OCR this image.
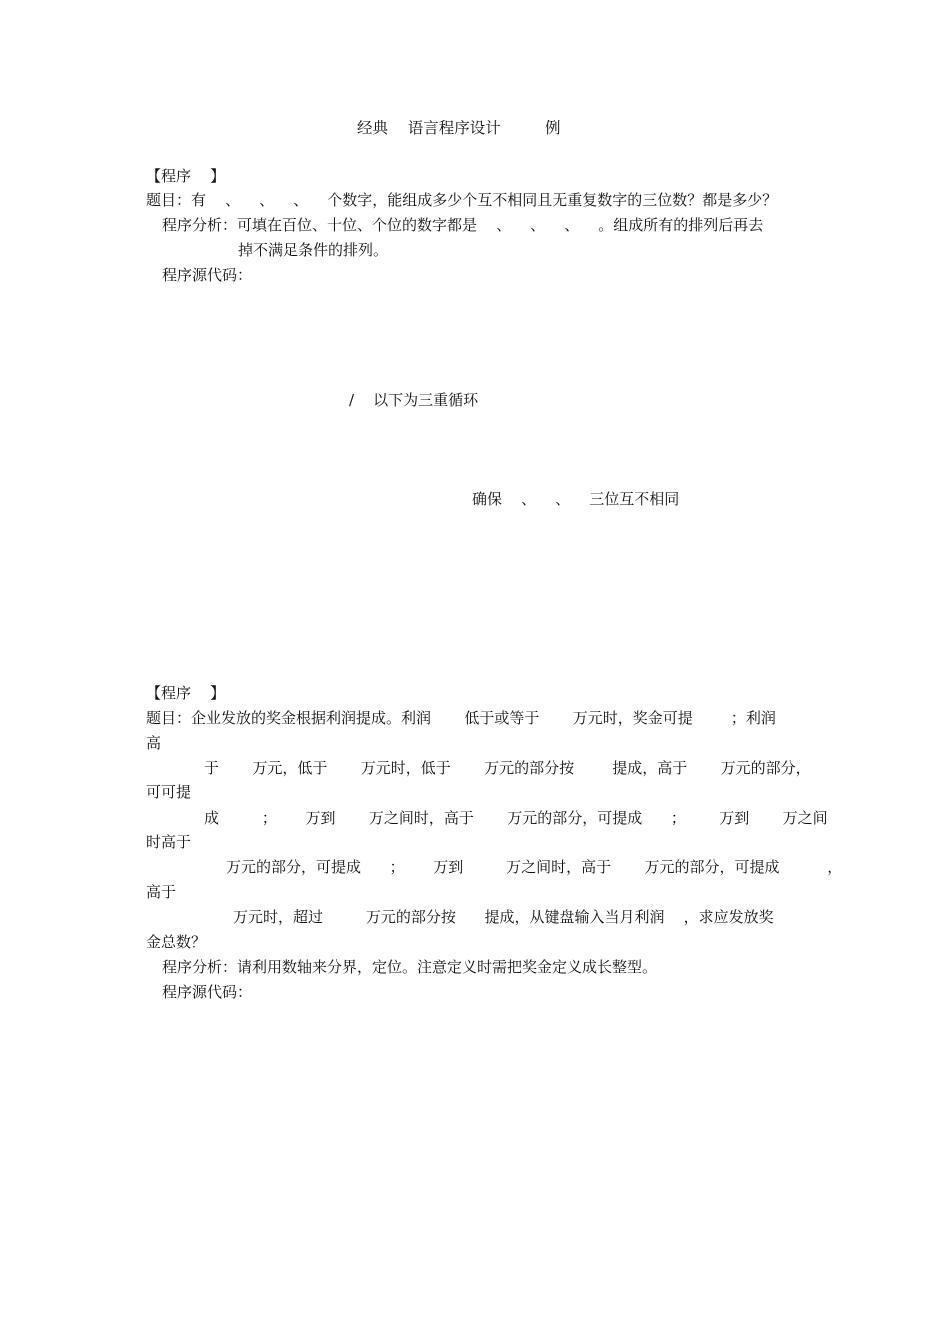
经典    语言程序设计         例
【程序    】
题目：有    、    、    、    个数字，能组成多少个互不相同且无重复数字的三位数？都是多少？
程序分析：可填在百位、十位、个位的数字都是    、    、    、    。组成所有的排列后再去
掉不满足条件的排列。
程序源代码：
/    以下为三重循环
确保    、    、    三位互不相同
【程序    】
题目：企业发放的奖金根据利润提成。利润       低于或等于       万元时，奖金可提        ；利润
高
于       万元，低于       万元时，低于       万元的部分按        提成，高于       万元的部分，
可可提
成         ；      万到       万之间时，高于       万元的部分，可提成      ；       万到       万之间
时高于
万元的部分，可提成      ；      万到         万之间时，高于       万元的部分，可提成          ，
高于
万元时，超过         万元的部分按      提成，从键盘输入当月利润    ，求应发放奖
金总数？
程序分析：请利用数轴来分界，定位。注意定义时需把奖金定义成长整型。
程序源代码：
